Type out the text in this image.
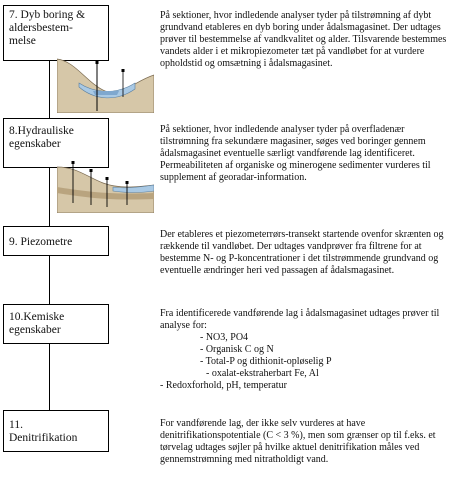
7. Dyb boring &
aldersbestem-
melse
8.Hydrauliske
egenskaber
9. Piezometre
10.Kemiske
egenskaber
11.
Denitrifikation

På sektioner, hvor indledende analyser tyder på tilstrømning af dybt grundvand etableres en dyb boring under ådalsmagasinet. Der udtages prøver til bestemmelse af vandkvalitet og alder. Tilsvarende bestemmes vandets alder i et mikropiezometer tæt på vandløbet for at vurdere opholdstid og omsætning i ådalsmagasinet.

På sektioner, hvor indledende analyser tyder på overfladenær tilstrømning fra sekundære magasiner, søges ved boringer gennem ådalsmagasinet eventuelle særligt vandførende lag identificeret. Permeabiliteten af organiske og minerogene sedimenter vurderes til supplement af georadar-information.

Der etableres et piezometerrørs-transekt startende ovenfor skrænten og rækkende til vandløbet. Der udtages vandprøver fra filtrene for at bestemme N- og P-koncentrationer i det tilstrømmende grundvand og eventuelle ændringer heri ved passagen af ådalsmagasinet.

Fra identificerede vandførende lag i ådalsmagasinet udtages prøver til analyse for:

- NO3, PO4
- Organisk C og N
- Total-P og dithionit-opløselig P
- oxalat-ekstraherbart Fe, Al

- Redoxforhold, pH, temperatur

For vandførende lag, der ikke selv vurderes at have denitrifikationspotentiale (C < 3 %), men som grænser op til f.eks. et tørvelag udtages søjler på hvilke aktuel denitrifikation måles ved gennemstrømning med nitratholdigt vand.
